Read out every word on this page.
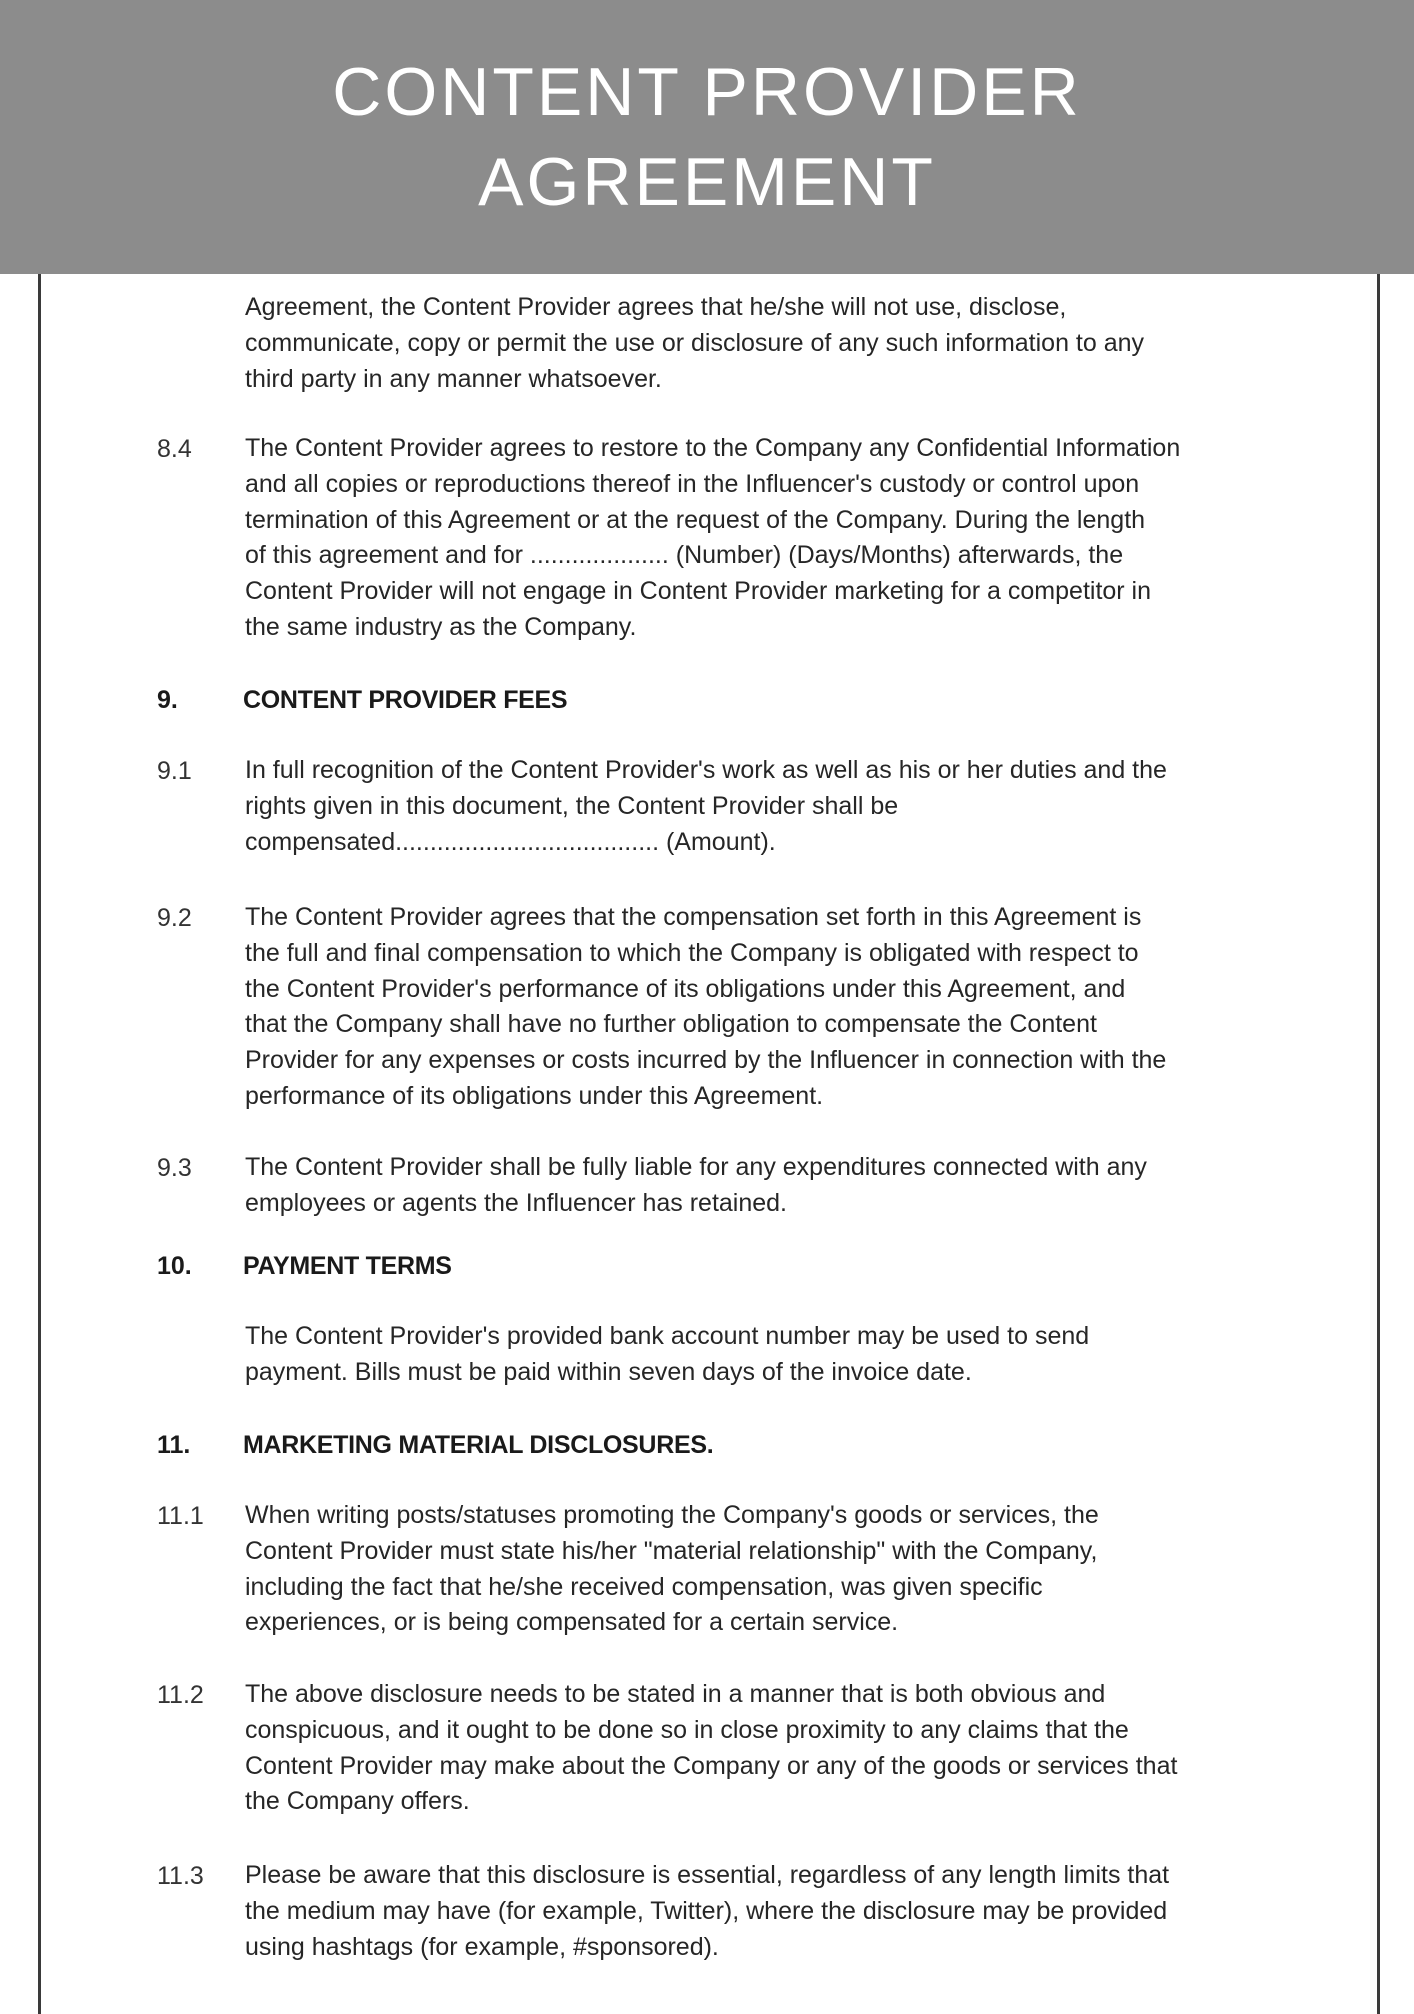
CONTENT PROVIDER
AGREEMENT
Agreement, the Content Provider agrees that he/she will not use, disclose,
communicate, copy or permit the use or disclosure of any such information to any
third party in any manner whatsoever.
8.4 The Content Provider agrees to restore to the Company any Confidential Information
and all copies or reproductions thereof in the Influencer's custody or control upon
termination of this Agreement or at the request of the Company. During the length
of this agreement and for .................... (Number) (Days/Months) afterwards, the
Content Provider will not engage in Content Provider marketing for a competitor in
the same industry as the Company.
9.	CONTENT PROVIDER FEES
9.1 In full recognition of the Content Provider's work as well as his or her duties and the
rights given in this document, the Content Provider shall be
compensated...................................... (Amount).
9.2 The Content Provider agrees that the compensation set forth in this Agreement is
the full and final compensation to which the Company is obligated with respect to
the Content Provider's performance of its obligations under this Agreement, and
that the Company shall have no further obligation to compensate the Content
Provider for any expenses or costs incurred by the Influencer in connection with the
performance of its obligations under this Agreement.
9.3 The Content Provider shall be fully liable for any expenditures connected with any
employees or agents the Influencer has retained.
10. PAYMENT TERMS
The Content Provider's provided bank account number may be used to send
payment. Bills must be paid within seven days of the invoice date.
11. MARKETING MATERIAL DISCLOSURES.
11.1 When writing posts/statuses promoting the Company's goods or services, the
Content Provider must state his/her "material relationship" with the Company,
including the fact that he/she received compensation, was given specific
experiences, or is being compensated for a certain service.
11.2 The above disclosure needs to be stated in a manner that is both obvious and
conspicuous, and it ought to be done so in close proximity to any claims that the
Content Provider may make about the Company or any of the goods or services that
the Company offers.
11.3 Please be aware that this disclosure is essential, regardless of any length limits that
the medium may have (for example, Twitter), where the disclosure may be provided
using hashtags (for example, #sponsored).
